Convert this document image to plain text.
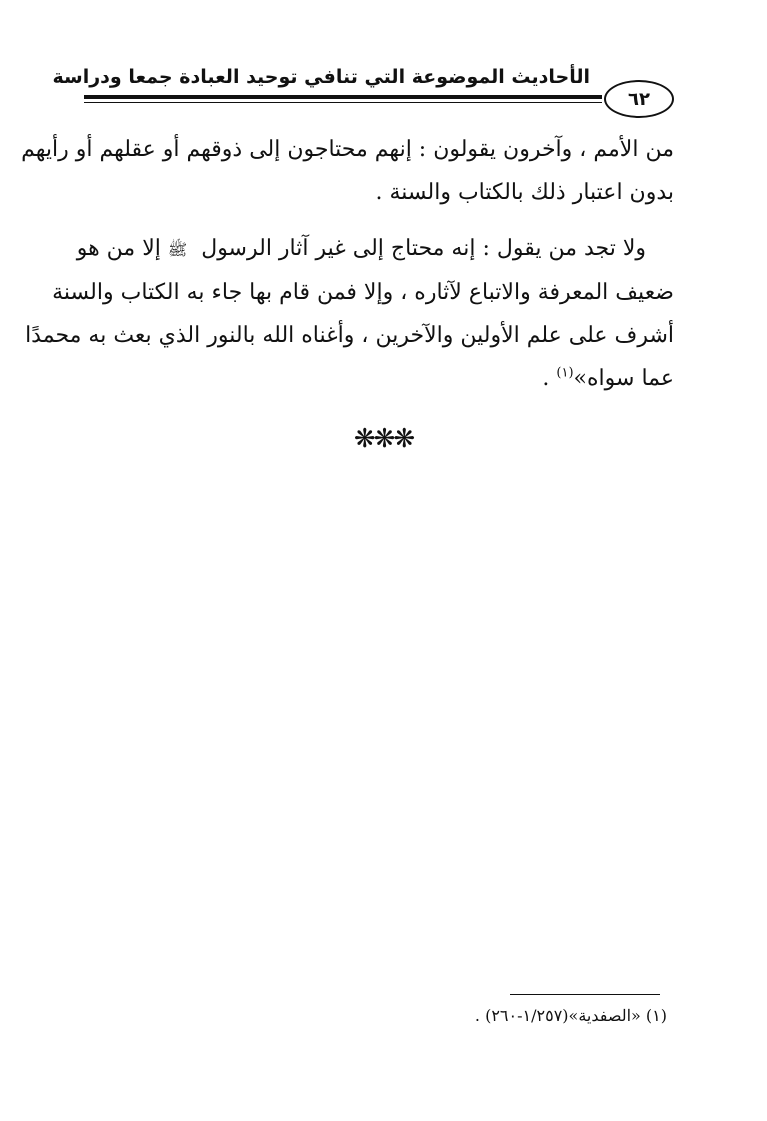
الأحاديث الموضوعة التي تنافي توحيد العبادة جمعا ودراسة
٦٢

من الأمم ، وآخرون يقولون : إنهم محتاجون إلى ذوقهم أو عقلهم أو رأيهم
بدون اعتبار ذلك بالكتاب والسنة .

​    ولا تجد من يقول : إنه محتاج إلى غير آثار الرسول  ﷺ إلا من هو
ضعيف المعرفة والاتباع لآثاره ، وإلا فمن قام بها جاء به الكتاب والسنة
أشرف على علم الأولين والآخرين ، وأغناه الله بالنور الذي بعث به محمدًا
عما سواه»$^{(١)}$ .

❋❋❋
(١) «الصفدية»(١/٢٥٧-٢٦٠) .
